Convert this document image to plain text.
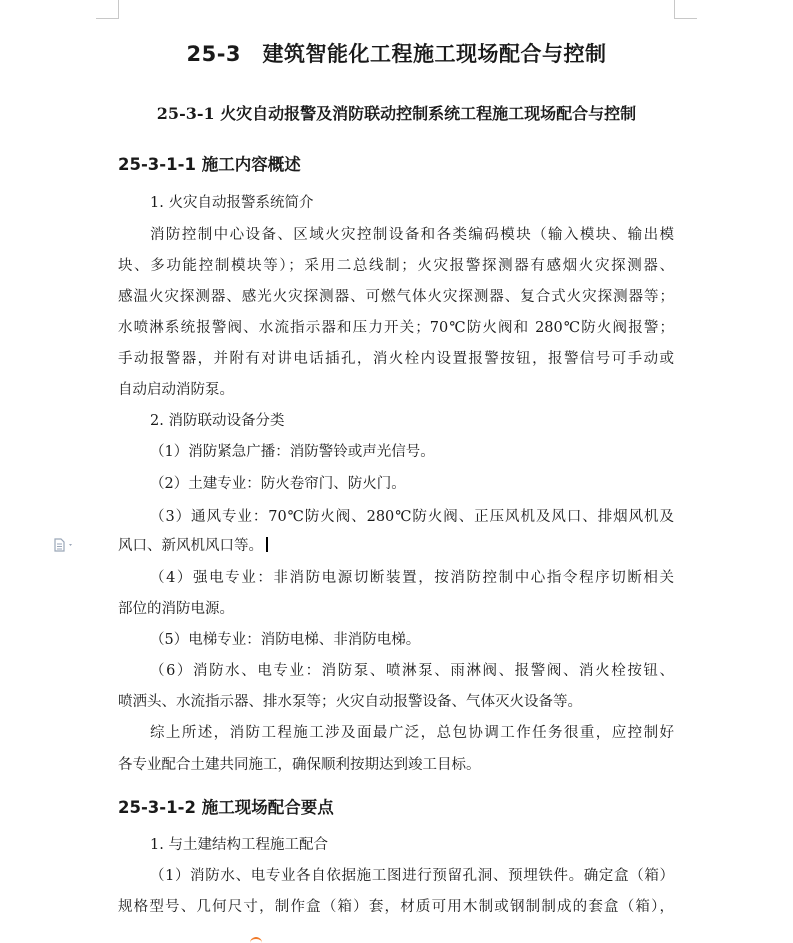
25-3　建筑智能化工程施工现场配合与控制
25-3-1 火灾自动报警及消防联动控制系统工程施工现场配合与控制
25-3-1-1 施工内容概述
1. 火灾自动报警系统简介
消防控制中心设备、区域火灾控制设备和各类编码模块（输入模块、输出模
块、多功能控制模块等）；采用二总线制；火灾报警探测器有感烟火灾探测器、
感温火灾探测器、感光火灾探测器、可燃气体火灾探测器、复合式火灾探测器等；
水喷淋系统报警阀、水流指示器和压力开关；70℃防火阀和 280℃防火阀报警；
手动报警器，并附有对讲电话插孔，消火栓内设置报警按钮，报警信号可手动或
自动启动消防泵。
2. 消防联动设备分类
（1）消防紧急广播：消防警铃或声光信号。
（2）土建专业：防火卷帘门、防火门。
（3）通风专业：70℃防火阀、280℃防火阀、正压风机及风口、排烟风机及
风口、新风机风口等。
（4）强电专业：非消防电源切断装置，按消防控制中心指令程序切断相关
部位的消防电源。
（5）电梯专业：消防电梯、非消防电梯。
（6）消防水、电专业：消防泵、喷淋泵、雨淋阀、报警阀、消火栓按钮、
喷洒头、水流指示器、排水泵等；火灾自动报警设备、气体灭火设备等。
综上所述，消防工程施工涉及面最广泛，总包协调工作任务很重，应控制好
各专业配合土建共同施工，确保顺利按期达到竣工目标。
25-3-1-2 施工现场配合要点
1. 与土建结构工程施工配合
（1）消防水、电专业各自依据施工图进行预留孔洞、预埋铁件。确定盒（箱）
规格型号、几何尺寸，制作盒（箱）套，材质可用木制或钢制制成的套盒（箱），
